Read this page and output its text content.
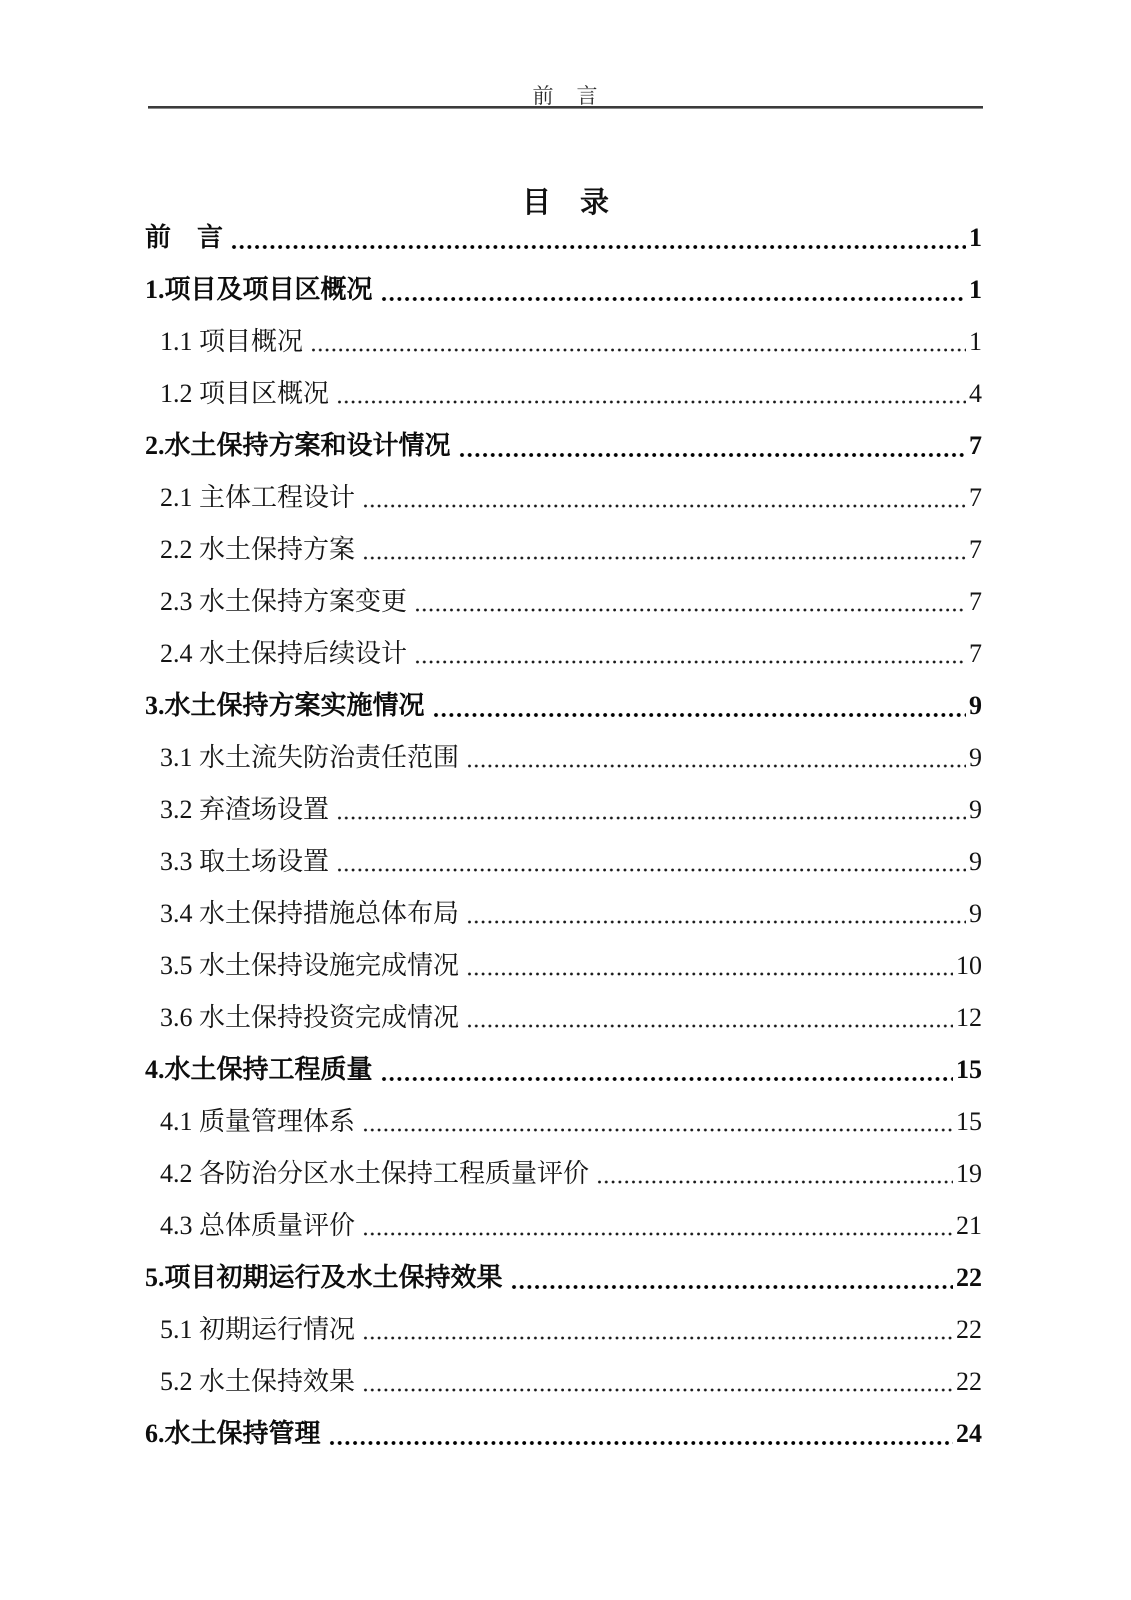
前　言
目　录
前　言	1
1.项目及项目区概况	1
1.1 项目概况	1
1.2 项目区概况	4
2.水土保持方案和设计情况	7
2.1 主体工程设计	7
2.2 水土保持方案	7
2.3 水土保持方案变更	7
2.4 水土保持后续设计	7
3.水土保持方案实施情况	9
3.1 水土流失防治责任范围	9
3.2 弃渣场设置	9
3.3 取土场设置	9
3.4 水土保持措施总体布局	9
3.5 水土保持设施完成情况	10
3.6 水土保持投资完成情况	12
4.水土保持工程质量	15
4.1 质量管理体系	15
4.2 各防治分区水土保持工程质量评价	19
4.3 总体质量评价	21
5.项目初期运行及水土保持效果	22
5.1 初期运行情况	22
5.2 水土保持效果	22
6.水土保持管理	24
